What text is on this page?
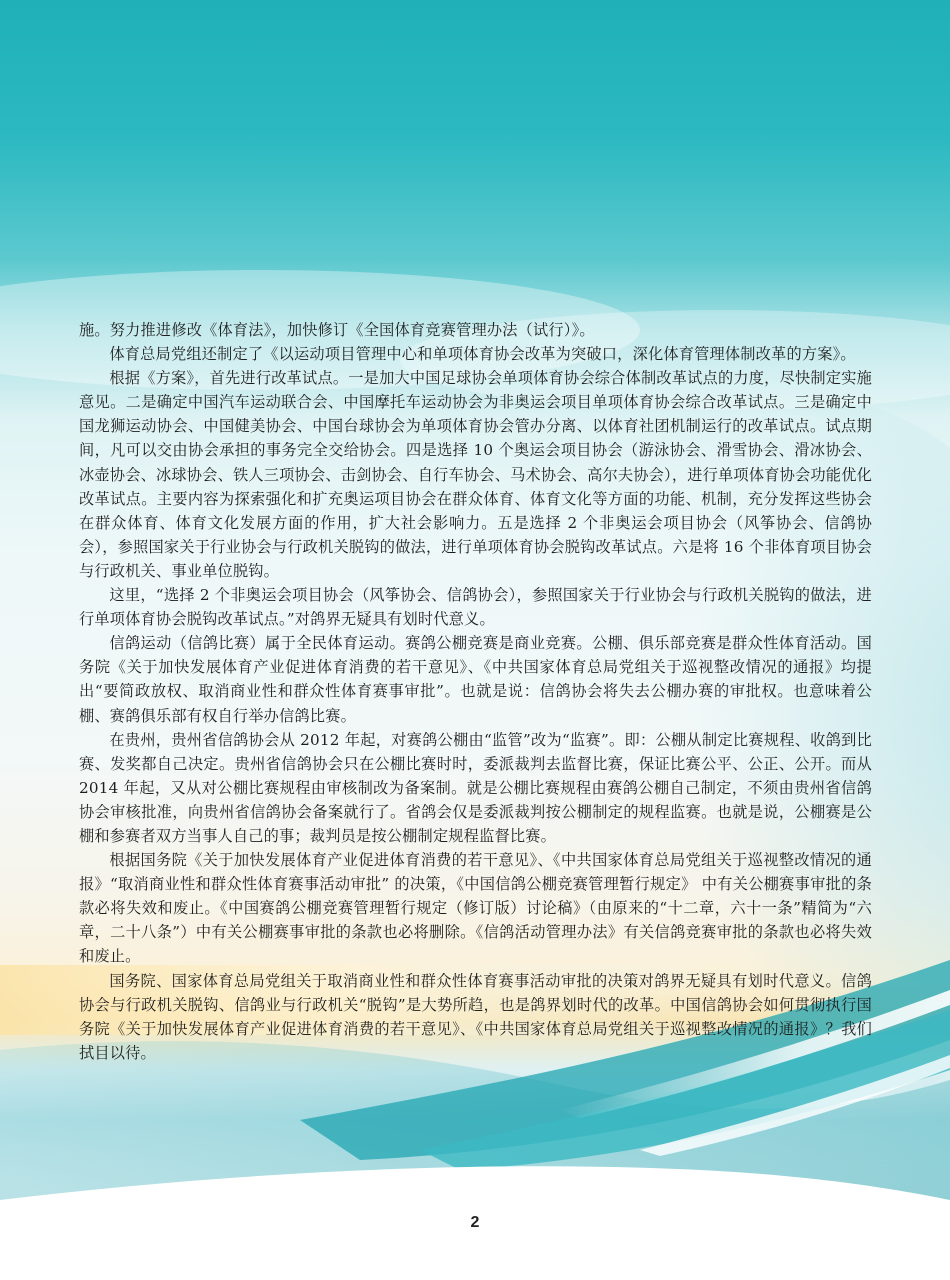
施。努力推进修改《体育法》，加快修订《全国体育竞赛管理办法（试行）》。

体育总局党组还制定了《以运动项目管理中心和单项体育协会改革为突破口，深化体育管理体制改革的方案》。

根据《方案》，首先进行改革试点。一是加大中国足球协会单项体育协会综合体制改革试点的力度，尽快制定实施意见。二是确定中国汽车运动联合会、中国摩托车运动协会为非奥运会项目单项体育协会综合改革试点。三是确定中国龙狮运动协会、中国健美协会、中国台球协会为单项体育协会管办分离、以体育社团机制运行的改革试点。试点期间，凡可以交由协会承担的事务完全交给协会。四是选择 10 个奥运会项目协会（游泳协会、滑雪协会、滑冰协会、冰壶协会、冰球协会、铁人三项协会、击剑协会、自行车协会、马术协会、高尔夫协会），进行单项体育协会功能优化改革试点。主要内容为探索强化和扩充奥运项目协会在群众体育、体育文化等方面的功能、机制，充分发挥这些协会在群众体育、体育文化发展方面的作用，扩大社会影响力。五是选择 2 个非奥运会项目协会（风筝协会、信鸽协会），参照国家关于行业协会与行政机关脱钩的做法，进行单项体育协会脱钩改革试点。六是将 16 个非体育项目协会与行政机关、事业单位脱钩。

这里，“选择 2 个非奥运会项目协会（风筝协会、信鸽协会），参照国家关于行业协会与行政机关脱钩的做法，进行单项体育协会脱钩改革试点。”对鸽界无疑具有划时代意义。

信鸽运动（信鸽比赛）属于全民体育运动。赛鸽公棚竞赛是商业竞赛。公棚、俱乐部竞赛是群众性体育活动。国务院《关于加快发展体育产业促进体育消费的若干意见》、《中共国家体育总局党组关于巡视整改情况的通报》均提出“要简政放权、取消商业性和群众性体育赛事审批”。也就是说：信鸽协会将失去公棚办赛的审批权。也意味着公棚、赛鸽俱乐部有权自行举办信鸽比赛。

在贵州，贵州省信鸽协会从 2012 年起，对赛鸽公棚由“监管”改为“监赛”。即：公棚从制定比赛规程、收鸽到比赛、发奖都自己决定。贵州省信鸽协会只在公棚比赛时时，委派裁判去监督比赛，保证比赛公平、公正、公开。而从 2014 年起，又从对公棚比赛规程由审核制改为备案制。就是公棚比赛规程由赛鸽公棚自己制定，不须由贵州省信鸽协会审核批准，向贵州省信鸽协会备案就行了。省鸽会仅是委派裁判按公棚制定的规程监赛。也就是说，公棚赛是公棚和参赛者双方当事人自己的事；裁判员是按公棚制定规程监督比赛。

根据国务院《关于加快发展体育产业促进体育消费的若干意见》、《中共国家体育总局党组关于巡视整改情况的通报》“取消商业性和群众性体育赛事活动审批” 的决策，《中国信鸽公棚竞赛管理暂行规定》 中有关公棚赛事审批的条款必将失效和废止。《中国赛鸽公棚竞赛管理暂行规定（修订版）讨论稿》（由原来的“十二章，六十一条”精简为“六章，二十八条”）中有关公棚赛事审批的条款也必将删除。《信鸽活动管理办法》有关信鸽竞赛审批的条款也必将失效和废止。

国务院、国家体育总局党组关于取消商业性和群众性体育赛事活动审批的决策对鸽界无疑具有划时代意义。信鸽协会与行政机关脱钩、信鸽业与行政机关“脱钩”是大势所趋，也是鸽界划时代的改革。中国信鸽协会如何贯彻执行国务院《关于加快发展体育产业促进体育消费的若干意见》、《中共国家体育总局党组关于巡视整改情况的通报》？我们拭目以待。

2
